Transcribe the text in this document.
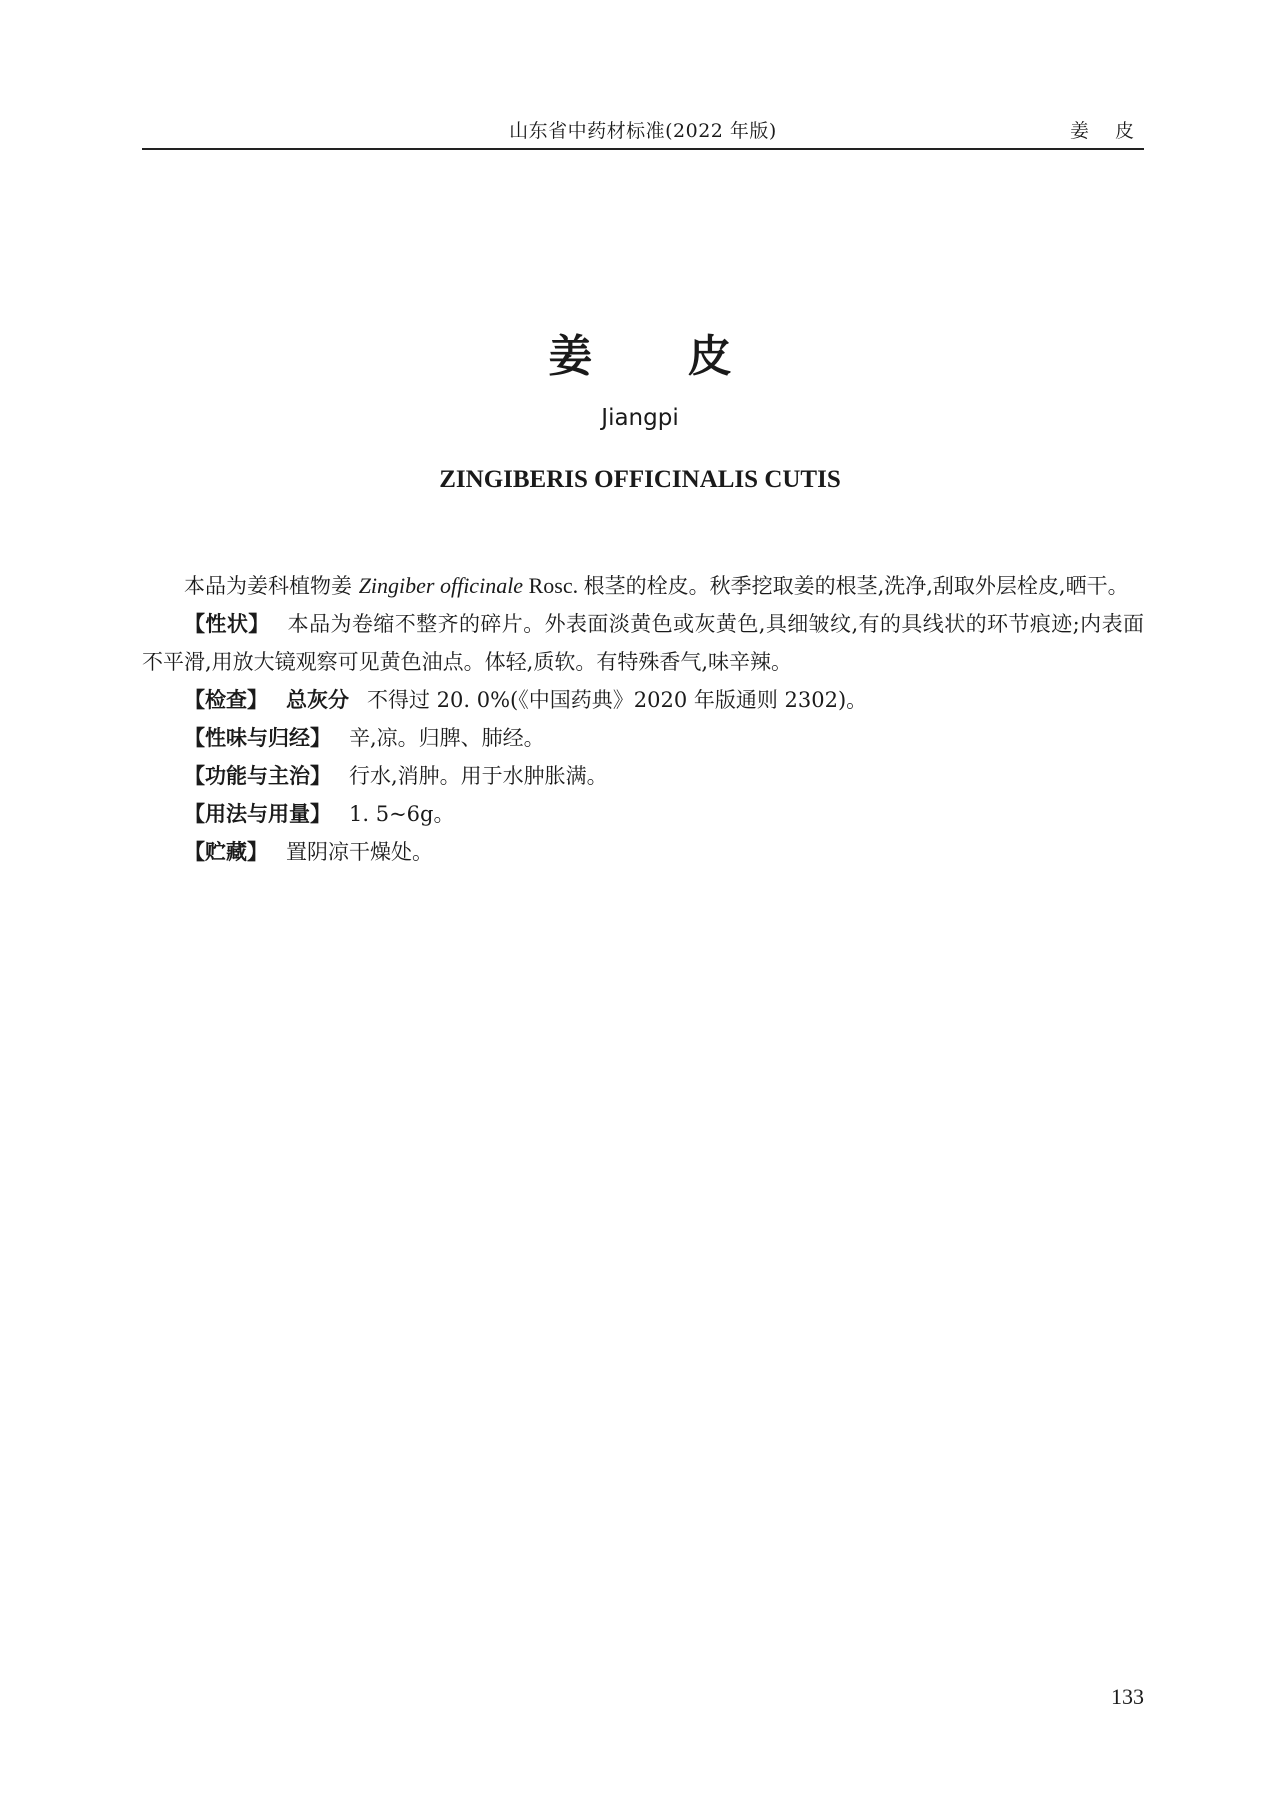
山东省中药材标准(2022 年版)	姜 皮
姜 皮
Jiangpi
ZINGIBERIS OFFICINALIS CUTIS

本品为姜科植物姜 Zingiber officinale Rosc. 根茎的栓皮。秋季挖取姜的根茎,洗净,刮取外层栓皮,晒干。

【性状】 本品为卷缩不整齐的碎片。外表面淡黄色或灰黄色,具细皱纹,有的具线状的环节痕迹;内表面不平滑,用放大镜观察可见黄色油点。体轻,质软。有特殊香气,味辛辣。

【检查】 总灰分 不得过 20. 0%(《中国药典》2020 年版通则 2302)。

【性味与归经】 辛,凉。归脾、肺经。

【功能与主治】 行水,消肿。用于水肿胀满。

【用法与用量】 1. 5~6g。

【贮藏】 置阴凉干燥处。

133
